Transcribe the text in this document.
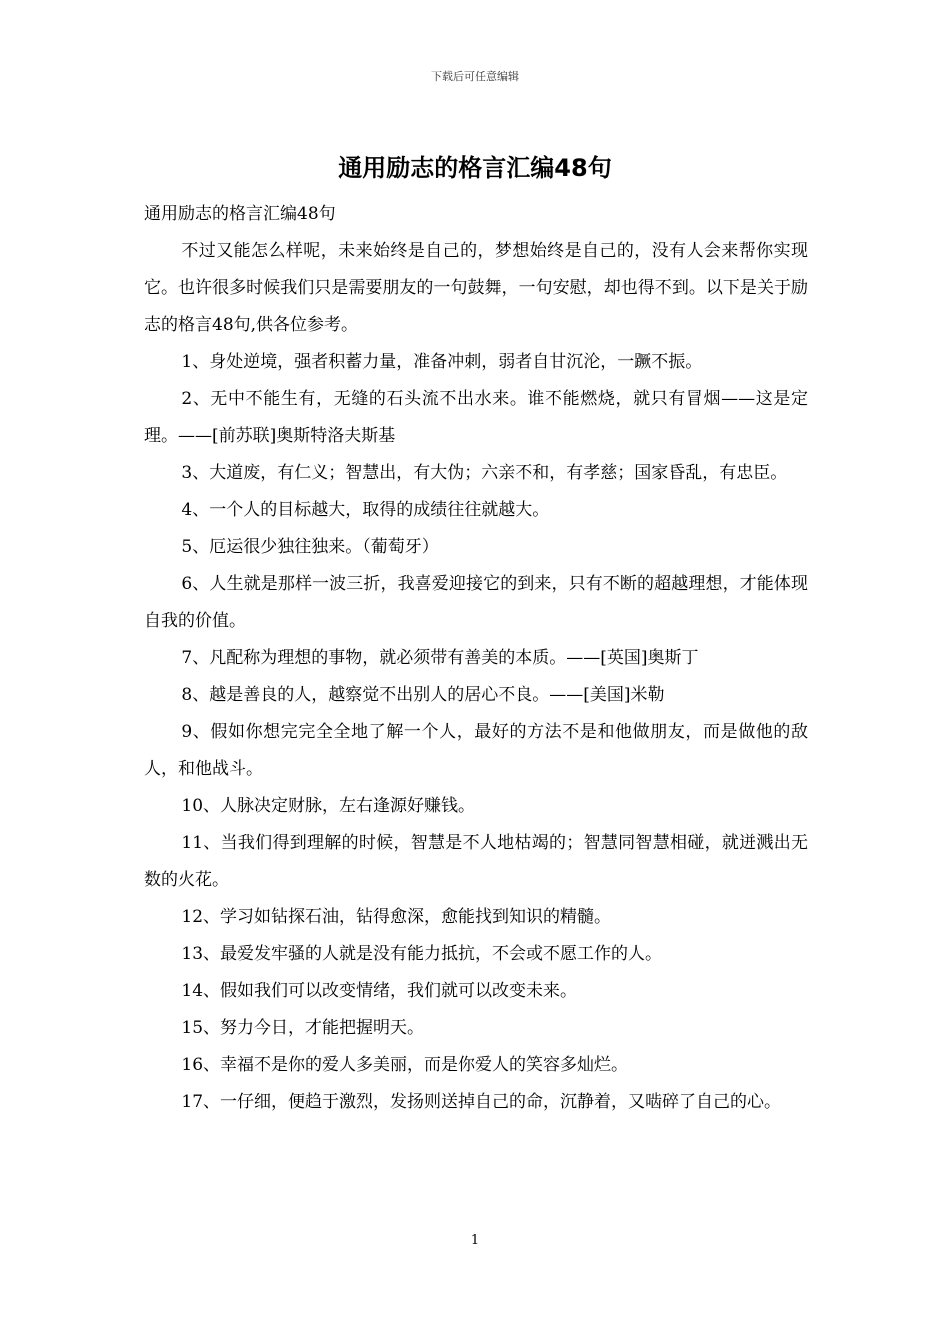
下载后可任意编辑
通用励志的格言汇编48句

通用励志的格言汇编48句

不过又能怎么样呢，未来始终是自己的，梦想始终是自己的，没有人会来帮你实现它。也许很多时候我们只是需要朋友的一句鼓舞，一句安慰，却也得不到。以下是关于励志的格言48句,供各位参考。

1、身处逆境，强者积蓄力量，准备冲刺，弱者自甘沉沦，一蹶不振。

2、无中不能生有，无缝的石头流不出水来。谁不能燃烧，就只有冒烟——这是定理。——[前苏联]奥斯特洛夫斯基

3、大道废，有仁义；智慧出，有大伪；六亲不和，有孝慈；国家昏乱，有忠臣。

4、一个人的目标越大，取得的成绩往往就越大。

5、厄运很少独往独来。（葡萄牙）

6、人生就是那样一波三折，我喜爱迎接它的到来，只有不断的超越理想，才能体现自我的价值。

7、凡配称为理想的事物，就必须带有善美的本质。——[英国]奥斯丁

8、越是善良的人，越察觉不出别人的居心不良。——[美国]米勒

9、假如你想完完全全地了解一个人，最好的方法不是和他做朋友，而是做他的敌人，和他战斗。

10、人脉决定财脉，左右逢源好赚钱。

11、当我们得到理解的时候，智慧是不人地枯竭的；智慧同智慧相碰，就迸溅出无数的火花。

12、学习如钻探石油，钻得愈深，愈能找到知识的精髓。

13、最爱发牢骚的人就是没有能力抵抗，不会或不愿工作的人。

14、假如我们可以改变情绪，我们就可以改变未来。

15、努力今日，才能把握明天。

16、幸福不是你的爱人多美丽，而是你爱人的笑容多灿烂。

17、一仔细，便趋于激烈，发扬则送掉自己的命，沉静着，又啮碎了自己的心。

1
